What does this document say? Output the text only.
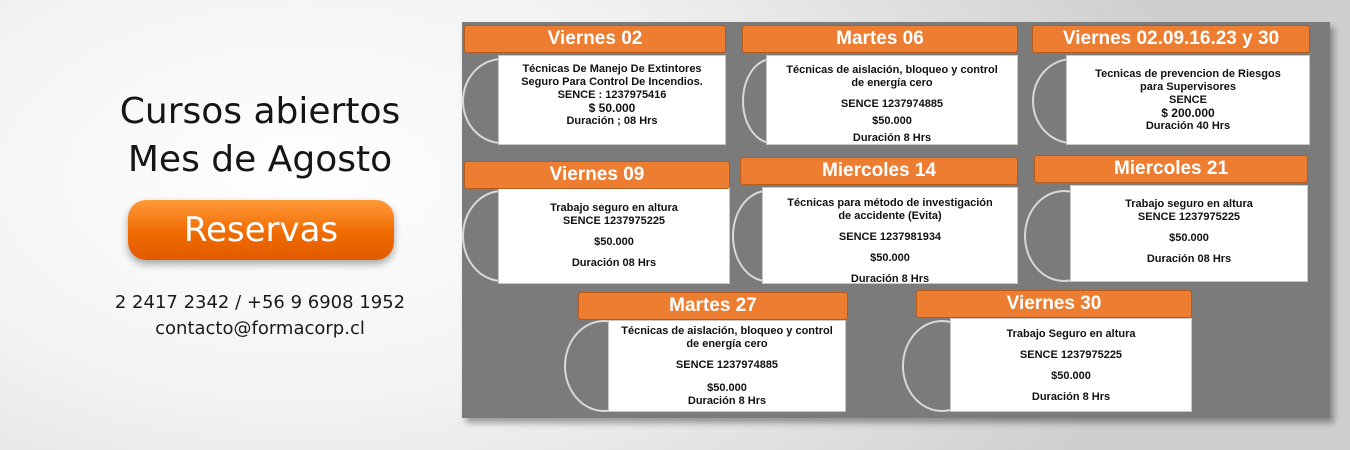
Cursos abiertos
Mes de Agosto
Reservas
2 2417 2342 / +56 9 6908 1952
contacto@formacorp.cl
Técnicas De Manejo De Extintores
Seguro Para Control De Incendios.
SENCE : 1237975416
$ 50.000
Duración ; 08 Hrs
Viernes 02
Técnicas de aislación, bloqueo y control
de energía cero
SENCE 1237974885
$50.000
Duración 8 Hrs
Martes 06
Tecnicas de prevencion de Riesgos
para Supervisores
SENCE
$ 200.000
Duración 40 Hrs
Viernes 02.09.16.23 y 30
Trabajo seguro en altura
SENCE 1237975225
$50.000
Duración 08 Hrs
Viernes 09
Técnicas para método de investigación
de accidente (Evita)
SENCE 1237981934
$50.000
Duración 8 Hrs
Miercoles 14
Trabajo seguro en altura
SENCE 1237975225
$50.000
Duración 08 Hrs
Miercoles 21
Técnicas de aislación, bloqueo y control
de energía cero
SENCE 1237974885
$50.000
Duración 8 Hrs
Martes 27
Trabajo Seguro en altura
SENCE 1237975225
$50.000
Duración 8 Hrs
Viernes 30
